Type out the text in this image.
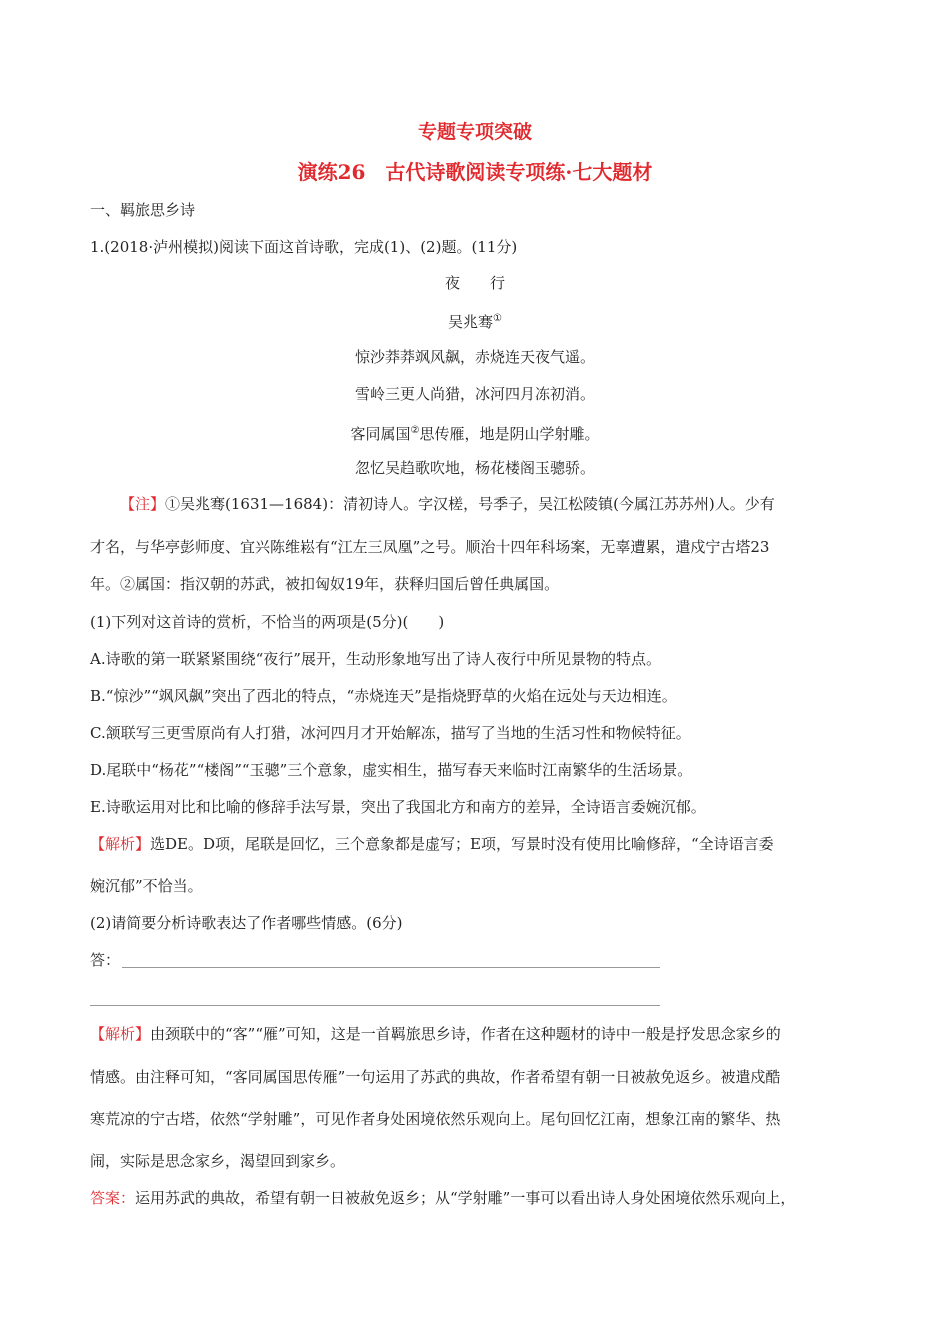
专题专项突破
演练26　古代诗歌阅读专项练·七大题材
一、羁旅思乡诗
1.(2018·泸州模拟)阅读下面这首诗歌，完成(1)、(2)题。(11分)
夜　　行
吴兆骞①
惊沙莽莽飒风飙，赤烧连天夜气遥。
雪岭三更人尚猎，冰河四月冻初消。
客同属国②思传雁，地是阴山学射雕。
忽忆吴趋歌吹地，杨花楼阁玉骢骄。
【注】①吴兆骞(1631—1684)：清初诗人。字汉槎，号季子，吴江松陵镇(今属江苏苏州)人。少有
才名，与华亭彭师度、宜兴陈维崧有“江左三凤凰”之号。顺治十四年科场案，无辜遭累，遣戍宁古塔23
年。②属国：指汉朝的苏武，被扣匈奴19年，获释归国后曾任典属国。
(1)下列对这首诗的赏析，不恰当的两项是(5分)(　　)
A.诗歌的第一联紧紧围绕“夜行”展开，生动形象地写出了诗人夜行中所见景物的特点。
B.“惊沙”“飒风飙”突出了西北的特点，“赤烧连天”是指烧野草的火焰在远处与天边相连。
C.颔联写三更雪原尚有人打猎，冰河四月才开始解冻，描写了当地的生活习性和物候特征。
D.尾联中“杨花”“楼阁”“玉骢”三个意象，虚实相生，描写春天来临时江南繁华的生活场景。
E.诗歌运用对比和比喻的修辞手法写景，突出了我国北方和南方的差异，全诗语言委婉沉郁。
【解析】选DE。D项，尾联是回忆，三个意象都是虚写；E项，写景时没有使用比喻修辞，“全诗语言委
婉沉郁”不恰当。
(2)请简要分析诗歌表达了作者哪些情感。(6分)
答：
【解析】由颈联中的“客”“雁”可知，这是一首羁旅思乡诗，作者在这种题材的诗中一般是抒发思念家乡的
情感。由注释可知，“客同属国思传雁”一句运用了苏武的典故，作者希望有朝一日被赦免返乡。被遣戍酷
寒荒凉的宁古塔，依然“学射雕”，可见作者身处困境依然乐观向上。尾句回忆江南，想象江南的繁华、热
闹，实际是思念家乡，渴望回到家乡。
答案：运用苏武的典故，希望有朝一日被赦免返乡；从“学射雕”一事可以看出诗人身处困境依然乐观向上，
